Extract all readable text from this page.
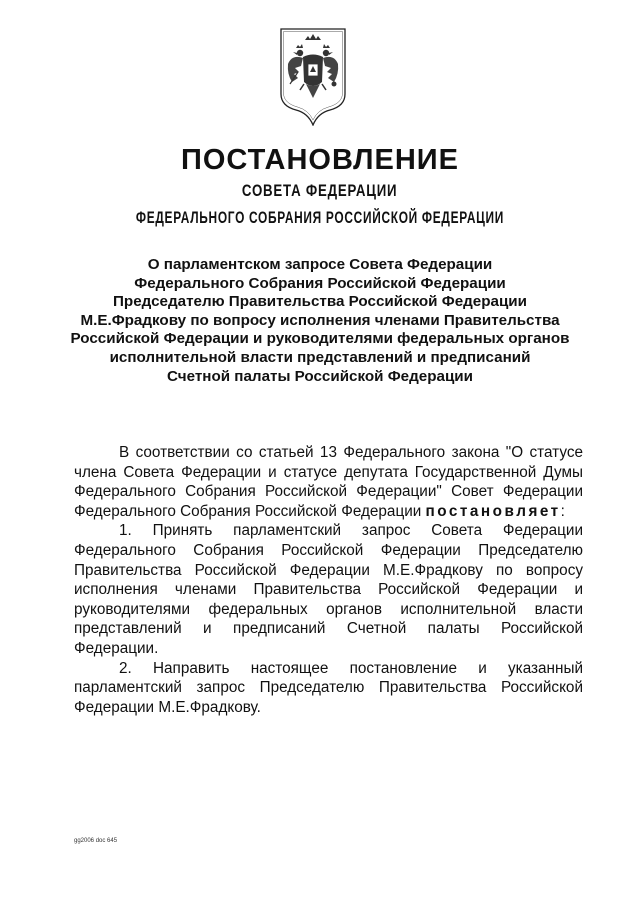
ПОСТАНОВЛЕНИЕ
СОВЕТА ФЕДЕРАЦИИ
ФЕДЕРАЛЬНОГО СОБРАНИЯ РОССИЙСКОЙ ФЕДЕРАЦИИ
О парламентском запросе Совета Федерации
Федерального Собрания Российской Федерации
Председателю Правительства Российской Федерации
М.Е.Фрадкову по вопросу исполнения членами Правительства
Российской Федерации и руководителями федеральных органов
исполнительной власти представлений и предписаний
Счетной палаты Российской Федерации
В соответствии со статьей 13 Федерального закона "О статусе члена Совета Федерации и статусе депутата Государственной Думы Федерального Собрания Российской Федерации" Совет Федерации Федерального Собрания Российской Федерации постановляет:
1. Принять парламентский запрос Совета Федерации Федерального Собрания Российской Федерации Председателю Правительства Российской Федерации М.Е.Фрадкову по вопросу исполнения членами Правительства Российской Федерации и руководителями федеральных органов исполнительной власти представлений и предписаний Счетной палаты Российской Федерации.
2. Направить настоящее постановление и указанный парламентский запрос Председателю Правительства Российской Федерации М.Е.Фрадкову.
gg2006 doc 645
